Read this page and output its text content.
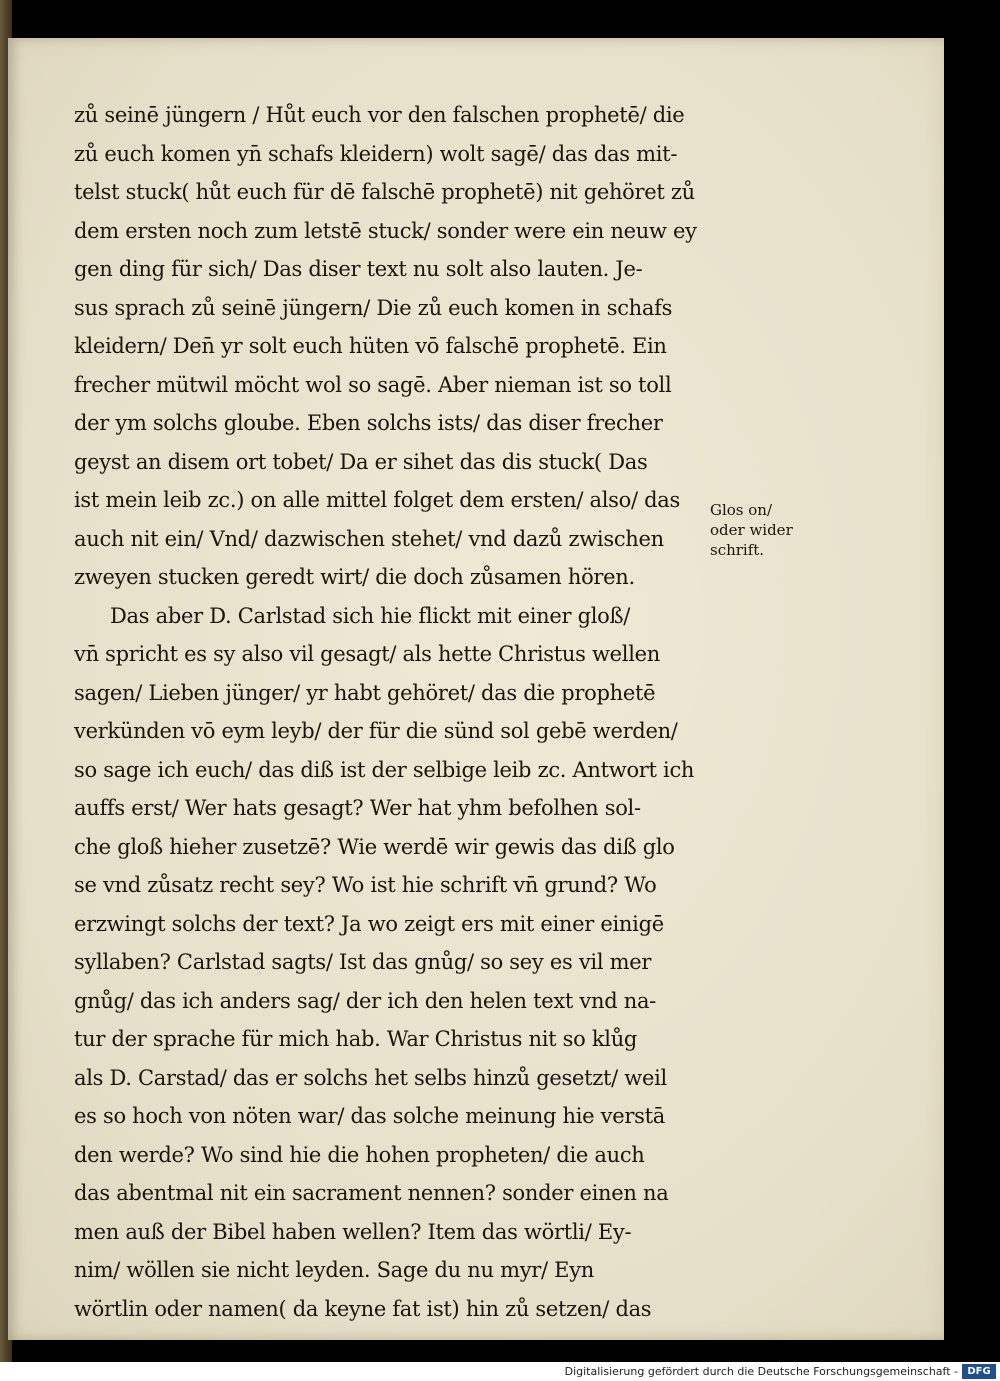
zů seinē jüngern / Hůt euch vor den falschen prophetē/ die
zů euch komen yn̄ schafs kleidern) wolt sagē/ das das mit-
telst stuck( hůt euch für dē falschē prophetē) nit gehöret zů
dem ersten noch zum letstē stuck/ sonder were ein neuw ey
gen ding für sich/ Das diser text nu solt also lauten. Je-
sus sprach zů seinē jüngern/ Die zů euch komen in schafs
kleidern/ Den̄ yr solt euch hüten vō falschē prophetē. Ein
frecher mütwil möcht wol so sagē. Aber nieman ist so toll
der ym solchs gloube. Eben solchs ists/ das diser frecher
geyst an disem ort tobet/ Da er sihet das dis stuck( Das
ist mein leib zc.) on alle mittel folget dem ersten/ also/ das
auch nit ein/ Vnd/ dazwischen stehet/ vnd dazů zwischen
zweyen stucken geredt wirt/ die doch zůsamen hören.
Das aber D. Carlstad sich hie flickt mit einer gloß/
vn̄ spricht es sy also vil gesagt/ als hette Christus wellen
sagen/ Lieben jünger/ yr habt gehöret/ das die prophetē
verkünden vō eym leyb/ der für die sünd sol gebē werden/
so sage ich euch/ das diß ist der selbige leib zc. Antwort ich
auffs erst/ Wer hats gesagt? Wer hat yhm befolhen sol-
che gloß hieher zusetzē? Wie werdē wir gewis das diß glo
se vnd zůsatz recht sey? Wo ist hie schrift vn̄ grund? Wo
erzwingt solchs der text? Ja wo zeigt ers mit einer einigē
syllaben? Carlstad sagts/ Ist das gnůg/ so sey es vil mer
gnůg/ das ich anders sag/ der ich den helen text vnd na-
tur der sprache für mich hab. War Christus nit so klůg
als D. Carstad/ das er solchs het selbs hinzů gesetzt/ weil
es so hoch von nöten war/ das solche meinung hie verstā
den werde? Wo sind hie die hohen propheten/ die auch
das abentmal nit ein sacrament nennen? sonder einen na
men auß der Bibel haben wellen? Item das wörtli/ Ey-
nim/ wöllen sie nicht leyden. Sage du nu myr/ Eyn
wörtlin oder namen( da keyne fat ist) hin zů setzen/ das
Glos on/
oder wider
schrift.
Digitalisierung gefördert durch die Deutsche Forschungsgemeinschaft - DFG
